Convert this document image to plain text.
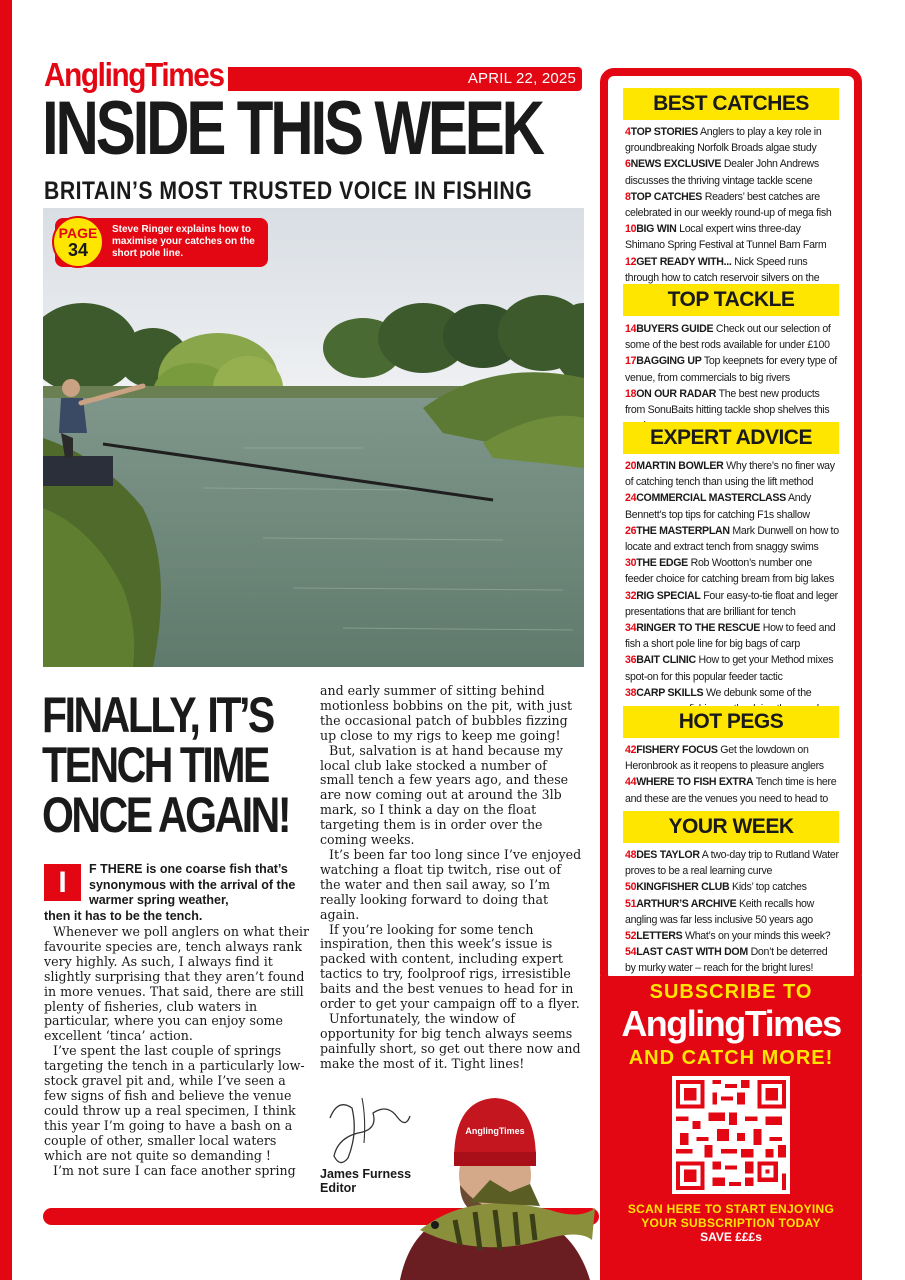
AnglingTimes	APRIL 22, 2025
INSIDE THIS WEEK
BRITAIN’S MOST TRUSTED VOICE IN FISHING
PAGE
34
Steve Ringer explains how to maximise your catches on the short pole line.
FINALLY, IT’S
TENCH TIME
ONCE AGAIN!
I	F THERE is one coarse fish that’s synonymous with the arrival of the warmer spring weather,
then it has to be the tench.

Whenever we poll anglers on what their favourite species are, tench always rank very highly. As such, I always find it slightly surprising that they aren’t found in more venues. That said, there are still plenty of fisheries, club waters in particular, where you can enjoy some excellent ‘tinca’ action.

I’ve spent the last couple of springs targeting the tench in a particularly low-stock gravel pit and, while I’ve seen a few signs of fish and believe the venue could throw up a real specimen, I think this year I’m going to have a bash on a couple of other, smaller local waters which are not quite so demanding !

I’m not sure I can face another spring

and early summer of sitting behind motionless bobbins on the pit, with just the occasional patch of bubbles fizzing up close to my rigs to keep me going!

But, salvation is at hand because my local club lake stocked a number of small tench a few years ago, and these are now coming out at around the 3lb mark, so I think a day on the float targeting them is in order over the coming weeks.

It’s been far too long since I’ve enjoyed watching a float tip twitch, rise out of the water and then sail away, so I’m really looking forward to doing that again.

If you’re looking for some tench inspiration, then this week’s issue is packed with content, including expert tactics to try, foolproof rigs, irresistible baits and the best venues to head for in order to get your campaign off to a flyer.

Unfortunately, the window of opportunity for big tench always seems painfully short, so get out there now and make the most of it. Tight lines!

James Furness
Editor
AnglingTimes
BEST CATCHES
4TOP STORIES Anglers to play a key role in groundbreaking Norfolk Broads algae study
6NEWS EXCLUSIVE Dealer John Andrews discusses the thriving vintage tackle scene
8TOP CATCHES Readers’ best catches are celebrated in our weekly round-up of mega fish
10BIG WIN Local expert wins three-day Shimano Spring Festival at Tunnel Barn Farm
12GET READY WITH... Nick Speed runs through how to catch reservoir silvers on the
TOP TACKLE
14BUYERS GUIDE Check out our selection of some of the best rods available for under £100
17BAGGING UP Top keepnets for every type of venue, from commercials to big rivers
18ON OUR RADAR The best new products from SonuBaits hitting tackle shop shelves this
EXPERT ADVICE
20MARTIN BOWLER Why there’s no finer way of catching tench than using the lift method
24COMMERCIAL MASTERCLASS Andy Bennett’s top tips for catching F1s shallow
26THE MASTERPLAN Mark Dunwell on how to locate and extract tench from snaggy swims
30THE EDGE Rob Wootton’s number one feeder choice for catching bream from big lakes
32RIG SPECIAL Four easy-to-tie float and leger presentations that are brilliant for tench
34RINGER TO THE RESCUE How to feed and fish a short pole line for big bags of carp
36BAIT CLINIC How to get your Method mixes spot-on for this popular feeder tactic
38CARP SKILLS We debunk some of the
HOT PEGS
42FISHERY FOCUS Get the lowdown on Heronbrook as it reopens to pleasure anglers
44WHERE TO FISH EXTRA Tench time is here and these are the venues you need to head to
YOUR WEEK
48DES TAYLOR A two-day trip to Rutland Water proves to be a real learning curve
50KINGFISHER CLUB Kids’ top catches
51ARTHUR’S ARCHIVE Keith recalls how angling was far less inclusive 50 years ago
52LETTERS What’s on your minds this week?
54LAST CAST WITH DOM Don’t be deterred by murky water – reach for the bright lures!
SUBSCRIBE TO
AnglingTimes
AND CATCH MORE!
SCAN HERE TO START ENJOYING
YOUR SUBSCRIPTION TODAY
SAVE £££s
